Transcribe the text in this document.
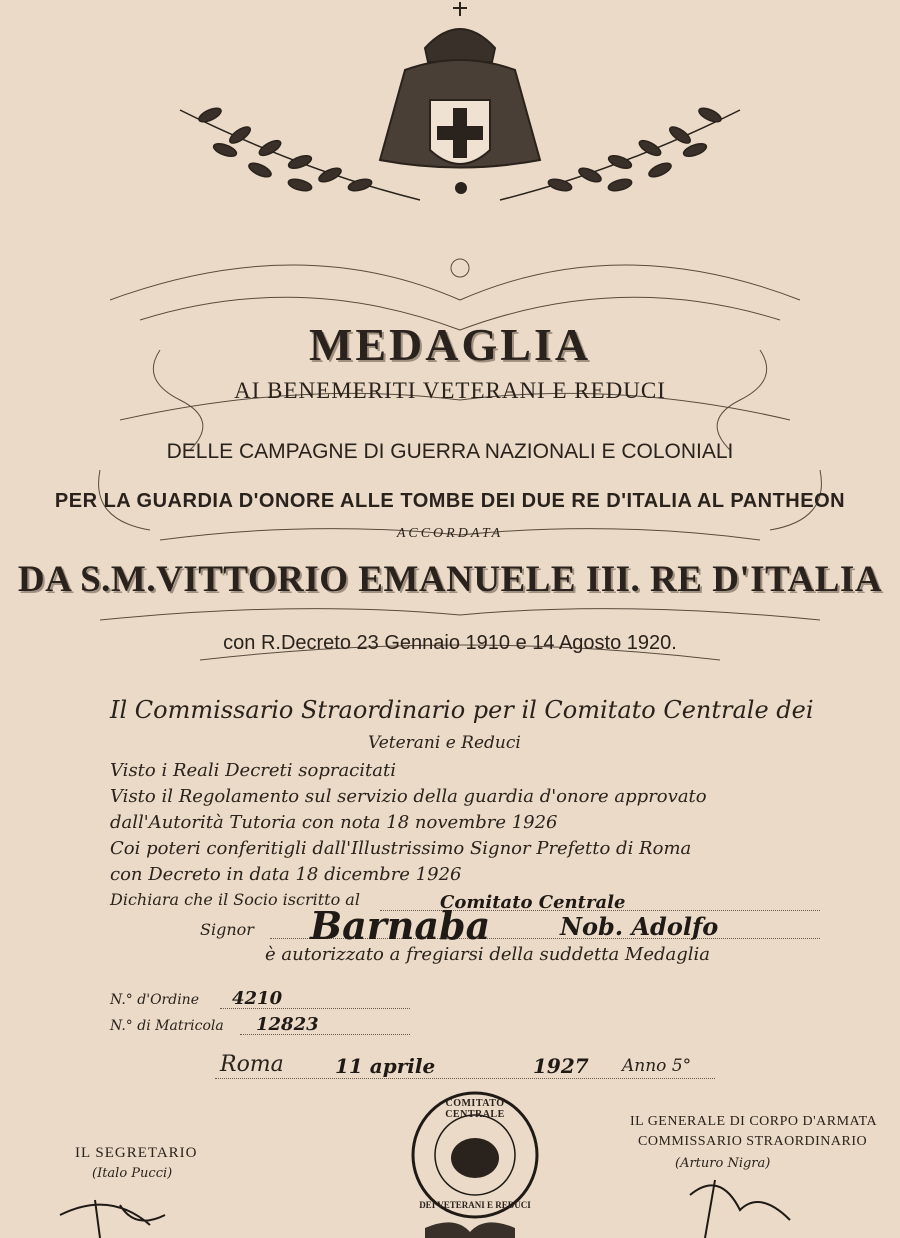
MEDAGLIA
AI BENEMERITI VETERANI E REDUCI
DELLE CAMPAGNE DI GUERRA NAZIONALI E COLONIALI
PER LA GUARDIA D'ONORE ALLE TOMBE DEI DUE RE D'ITALIA AL PANTHEON
ACCORDATA
DA S.M.VITTORIO EMANUELE III. RE D'ITALIA
con R.Decreto 23 Gennaio 1910 e 14 Agosto 1920.
Il Commissario Straordinario per il Comitato Centrale dei
Veterani e Reduci
Visto i Reali Decreti sopracitati
Visto il Regolamento sul servizio della guardia d'onore approvato
dall'Autorità Tutoria con nota 18 novembre 1926
Coi poteri conferitigli dall'Illustrissimo Signor Prefetto di Roma
con Decreto in data 18 dicembre 1926
Dichiara che il Socio iscritto al	Comitato Centrale
Signor Barnaba	Nob. Adolfo
è autorizzato a fregiarsi della suddetta Medaglia
N.° d'Ordine 4210
N.° di Matricola 12823
Roma	11 aprile	1927 Anno 5°
COMITATO CENTRALE
DEI VETERANI E REDUCI
IL SEGRETARIO
(Italo Pucci)
IL GENERALE DI CORPO D'ARMATA
COMMISSARIO STRAORDINARIO
(Arturo Nigra)
